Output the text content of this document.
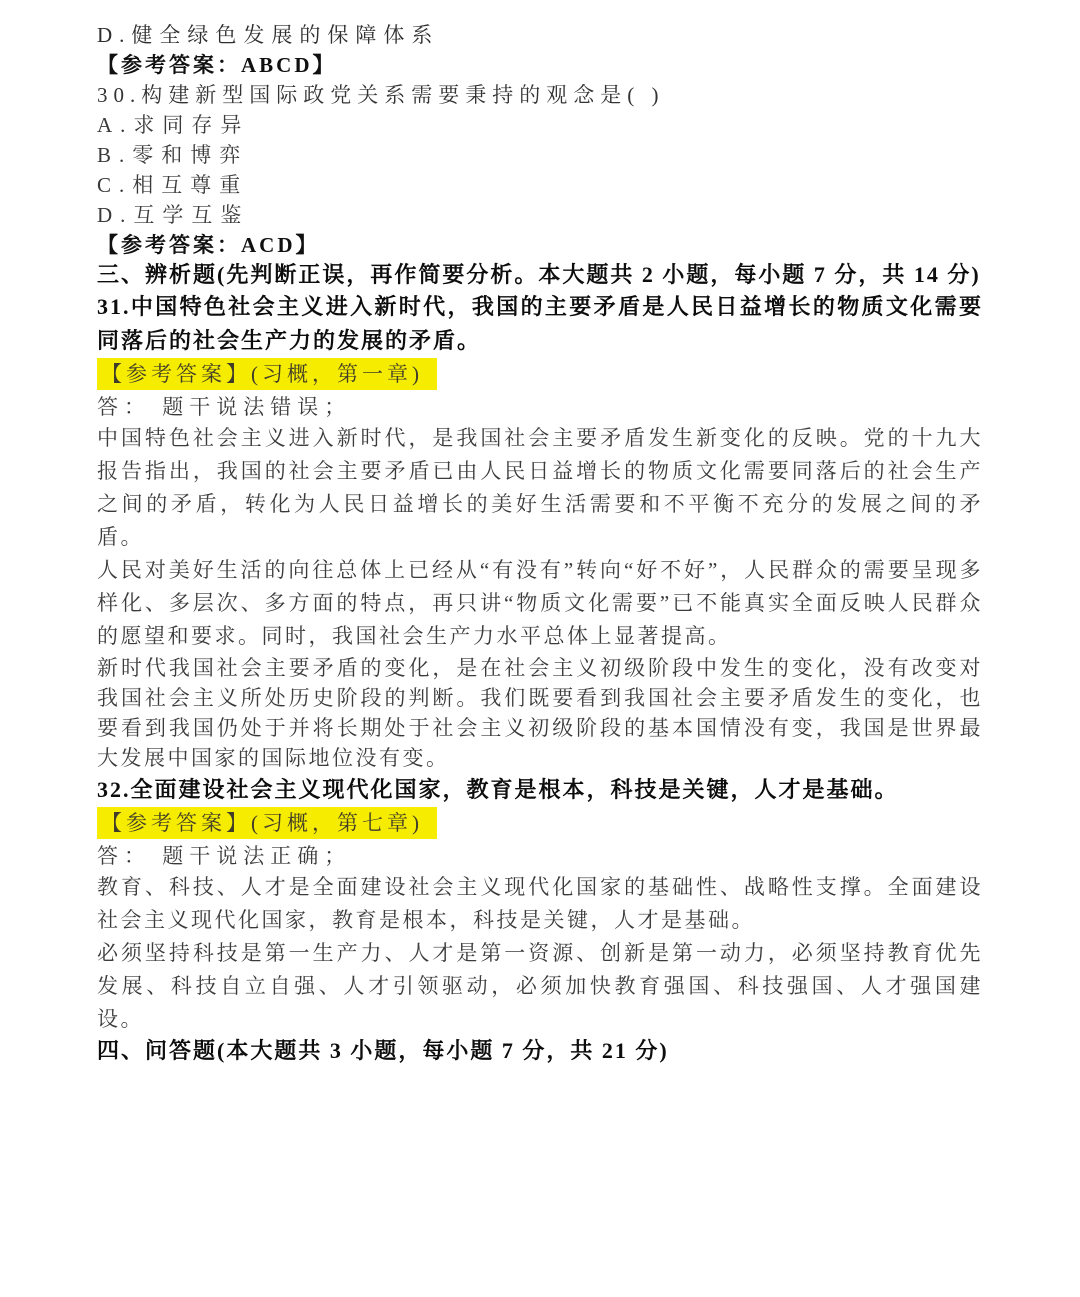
D.健全绿色发展的保障体系

【参考答案：ABCD】

30.构建新型国际政党关系需要秉持的观念是( )

A.求同存异

B.零和博弈

C.相互尊重

D.互学互鉴

【参考答案：ACD】

三、辨析题(先判断正误，再作简要分析。本大题共 2 小题，每小题 7 分，共 14 分)

31.中国特色社会主义进入新时代，我国的主要矛盾是人民日益增长的物质文化需要同落后的社会生产力的发展的矛盾。

【参考答案】(习概，第一章)

答： 题干说法错误；

中国特色社会主义进入新时代，是我国社会主要矛盾发生新变化的反映。党的十九大报告指出，我国的社会主要矛盾已由人民日益增长的物质文化需要同落后的社会生产之间的矛盾，转化为人民日益增长的美好生活需要和不平衡不充分的发展之间的矛盾。

人民对美好生活的向往总体上已经从“有没有”转向“好不好”，人民群众的需要呈现多样化、多层次、多方面的特点，再只讲“物质文化需要”已不能真实全面反映人民群众的愿望和要求。同时，我国社会生产力水平总体上显著提高。

新时代我国社会主要矛盾的变化，是在社会主义初级阶段中发生的变化，没有改变对我国社会主义所处历史阶段的判断。我们既要看到我国社会主要矛盾发生的变化，也要看到我国仍处于并将长期处于社会主义初级阶段的基本国情没有变，我国是世界最大发展中国家的国际地位没有变。

32.全面建设社会主义现代化国家，教育是根本，科技是关键，人才是基础。

【参考答案】(习概，第七章)

答： 题干说法正确；

教育、科技、人才是全面建设社会主义现代化国家的基础性、战略性支撑。全面建设社会主义现代化国家，教育是根本，科技是关键，人才是基础。

必须坚持科技是第一生产力、人才是第一资源、创新是第一动力，必须坚持教育优先发展、科技自立自强、人才引领驱动，必须加快教育强国、科技强国、人才强国建设。

四、问答题(本大题共 3 小题，每小题 7 分，共 21 分)
